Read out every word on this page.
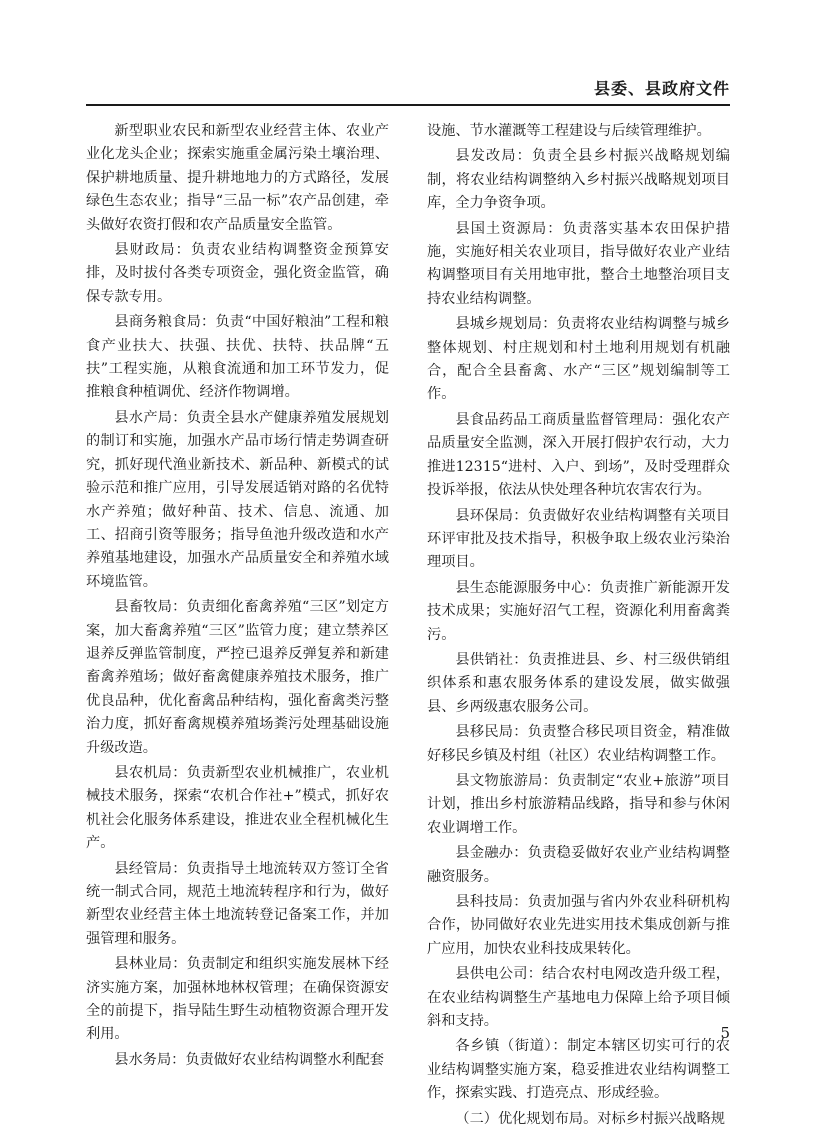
县委、县政府文件

新型职业农民和新型农业经营主体、农业产业化龙头企业；探索实施重金属污染土壤治理、保护耕地质量、提升耕地地力的方式路径，发展绿色生态农业；指导“三品一标”农产品创建，牵头做好农资打假和农产品质量安全监管。

县财政局：负责农业结构调整资金预算安排，及时拔付各类专项资金，强化资金监管，确保专款专用。

县商务粮食局：负责“中国好粮油”工程和粮食产业扶大、扶强、扶优、扶特、扶品牌“五扶”工程实施，从粮食流通和加工环节发力，促推粮食种植调优、经济作物调增。

县水产局：负责全县水产健康养殖发展规划的制订和实施，加强水产品市场行情走势调查研究，抓好现代渔业新技术、新品种、新模式的试验示范和推广应用，引导发展适销对路的名优特水产养殖；做好种苗、技术、信息、流通、加工、招商引资等服务；指导鱼池升级改造和水产养殖基地建设，加强水产品质量安全和养殖水域环境监管。

县畜牧局：负责细化畜禽养殖“三区”划定方案，加大畜禽养殖“三区”监管力度；建立禁养区退养反弹监管制度，严控已退养反弹复养和新建畜禽养殖场；做好畜禽健康养殖技术服务，推广优良品种，优化畜禽品种结构，强化畜禽类污整治力度，抓好畜禽规模养殖场粪污处理基础设施升级改造。

县农机局：负责新型农业机械推广，农业机械技术服务，探索“农机合作社+”模式，抓好农机社会化服务体系建设，推进农业全程机械化生产。

县经管局：负责指导土地流转双方签订全省统一制式合同，规范土地流转程序和行为，做好新型农业经营主体土地流转登记备案工作，并加强管理和服务。

县林业局：负责制定和组织实施发展林下经济实施方案，加强林地林权管理；在确保资源安全的前提下，指导陆生野生动植物资源合理开发利用。

县水务局：负责做好农业结构调整水利配套

设施、节水灌溉等工程建设与后续管理维护。

县发改局：负责全县乡村振兴战略规划编制，将农业结构调整纳入乡村振兴战略规划项目库，全力争资争项。

县国土资源局：负责落实基本农田保护措施，实施好相关农业项目，指导做好农业产业结构调整项目有关用地审批，整合土地整治项目支持农业结构调整。

县城乡规划局：负责将农业结构调整与城乡整体规划、村庄规划和村土地利用规划有机融合，配合全县畜禽、水产“三区”规划编制等工作。

县食品药品工商质量监督管理局：强化农产品质量安全监测，深入开展打假护农行动，大力推进12315“进村、入户、到场”，及时受理群众投诉举报，依法从快处理各种坑农害农行为。

县环保局：负责做好农业结构调整有关项目环评审批及技术指导，积极争取上级农业污染治理项目。

县生态能源服务中心：负责推广新能源开发技术成果；实施好沼气工程，资源化利用畜禽粪污。

县供销社：负责推进县、乡、村三级供销组织体系和惠农服务体系的建设发展，做实做强县、乡两级惠农服务公司。

县移民局：负责整合移民项目资金，精准做好移民乡镇及村组（社区）农业结构调整工作。

县文物旅游局：负责制定“农业+旅游”项目计划，推出乡村旅游精品线路，指导和参与休闲农业调增工作。

县金融办：负责稳妥做好农业产业结构调整融资服务。

县科技局：负责加强与省内外农业科研机构合作，协同做好农业先进实用技术集成创新与推广应用，加快农业科技成果转化。

县供电公司：结合农村电网改造升级工程，在农业结构调整生产基地电力保障上给予项目倾斜和支持。

各乡镇（街道）：制定本辖区切实可行的农业结构调整实施方案，稳妥推进农业结构调整工作，探索实践、打造亮点、形成经验。

（二）优化规划布局。对标乡村振兴战略规

5
